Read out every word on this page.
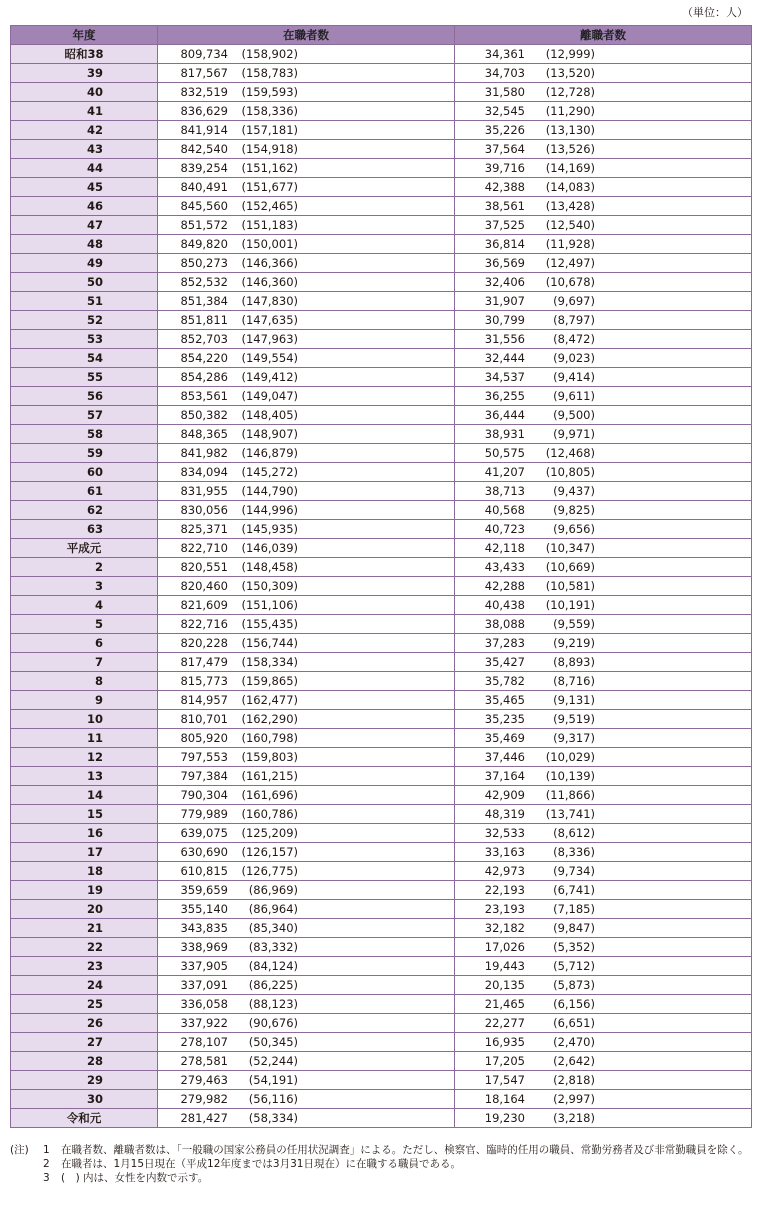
（単位：人）
年度	在職者数	離職者数
昭和38	809,734 (158,902)	34,361 (12,999)
39	817,567 (158,783)	34,703 (13,520)
40	832,519 (159,593)	31,580 (12,728)
41	836,629 (158,336)	32,545 (11,290)
42	841,914 (157,181)	35,226 (13,130)
43	842,540 (154,918)	37,564 (13,526)
44	839,254 (151,162)	39,716 (14,169)
45	840,491 (151,677)	42,388 (14,083)
46	845,560 (152,465)	38,561 (13,428)
47	851,572 (151,183)	37,525 (12,540)
48	849,820 (150,001)	36,814 (11,928)
49	850,273 (146,366)	36,569 (12,497)
50	852,532 (146,360)	32,406 (10,678)
51	851,384 (147,830)	31,907 (9,697)
52	851,811 (147,635)	30,799 (8,797)
53	852,703 (147,963)	31,556 (8,472)
54	854,220 (149,554)	32,444 (9,023)
55	854,286 (149,412)	34,537 (9,414)
56	853,561 (149,047)	36,255 (9,611)
57	850,382 (148,405)	36,444 (9,500)
58	848,365 (148,907)	38,931 (9,971)
59	841,982 (146,879)	50,575 (12,468)
60	834,094 (145,272)	41,207 (10,805)
61	831,955 (144,790)	38,713 (9,437)
62	830,056 (144,996)	40,568 (9,825)
63	825,371 (145,935)	40,723 (9,656)
平成元	822,710 (146,039)	42,118 (10,347)
2	820,551 (148,458)	43,433 (10,669)
3	820,460 (150,309)	42,288 (10,581)
4	821,609 (151,106)	40,438 (10,191)
5	822,716 (155,435)	38,088 (9,559)
6	820,228 (156,744)	37,283 (9,219)
7	817,479 (158,334)	35,427 (8,893)
8	815,773 (159,865)	35,782 (8,716)
9	814,957 (162,477)	35,465 (9,131)
10	810,701 (162,290)	35,235 (9,519)
11	805,920 (160,798)	35,469 (9,317)
12	797,553 (159,803)	37,446 (10,029)
13	797,384 (161,215)	37,164 (10,139)
14	790,304 (161,696)	42,909 (11,866)
15	779,989 (160,786)	48,319 (13,741)
16	639,075 (125,209)	32,533 (8,612)
17	630,690 (126,157)	33,163 (8,336)
18	610,815 (126,775)	42,973 (9,734)
19	359,659 (86,969)	22,193 (6,741)
20	355,140 (86,964)	23,193 (7,185)
21	343,835 (85,340)	32,182 (9,847)
22	338,969 (83,332)	17,026 (5,352)
23	337,905 (84,124)	19,443 (5,712)
24	337,091 (86,225)	20,135 (5,873)
25	336,058 (88,123)	21,465 (6,156)
26	337,922 (90,676)	22,277 (6,651)
27	278,107 (50,345)	16,935 (2,470)
28	278,581 (52,244)	17,205 (2,642)
29	279,463 (54,191)	17,547 (2,818)
30	279,982 (56,116)	18,164 (2,997)
令和元	281,427 (58,334)	19,230 (3,218)
(注)	1	在職者数、離職者数は、「一般職の国家公務員の任用状況調査」による。ただし、検察官、臨時的任用の職員、常勤労務者及び非常勤職員を除く。
2	在職者は、1月15日現在（平成12年度までは3月31日現在）に在職する職員である。
3	(　) 内は、女性を内数で示す。
